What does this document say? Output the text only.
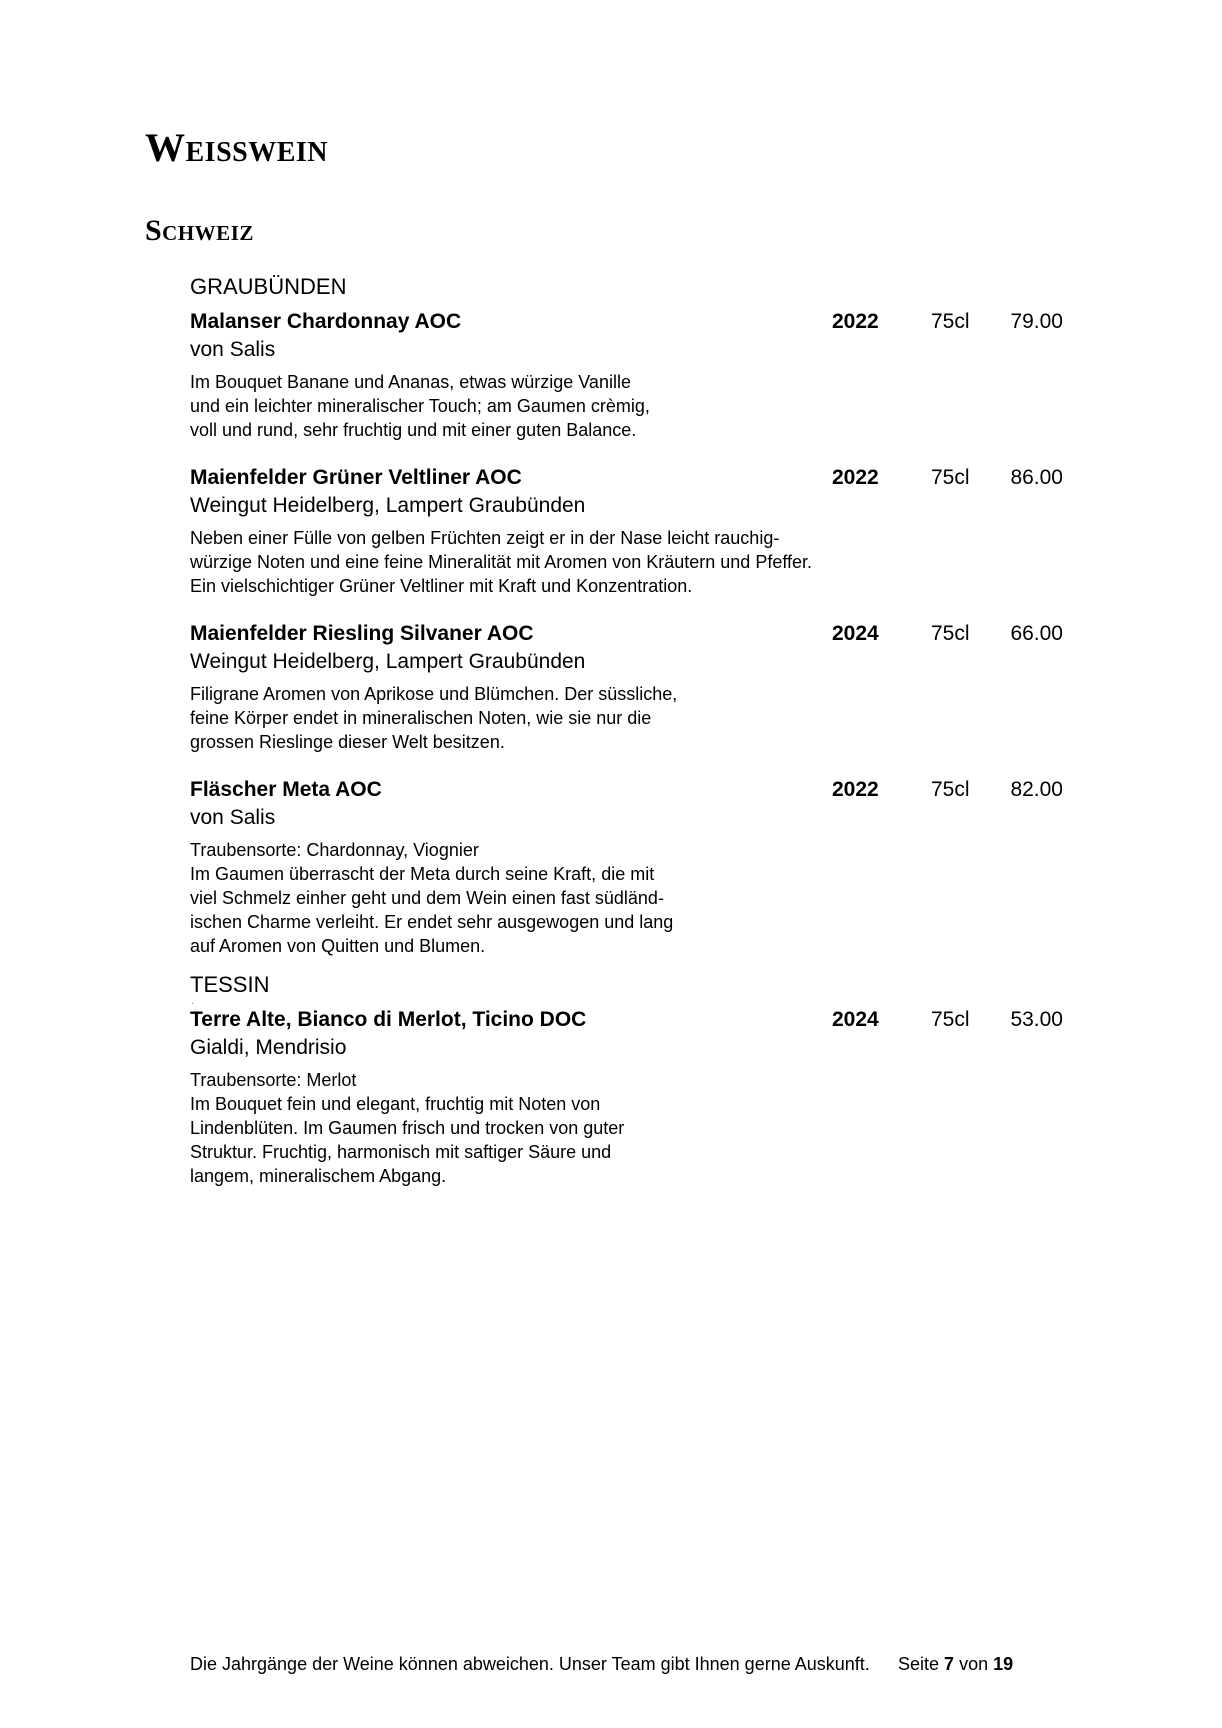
Weisswein
Schweiz
GRAUBÜNDEN
Malanser Chardonnay AOC	2022	75cl	79.00
von Salis
Im Bouquet Banane und Ananas, etwas würzige Vanille
und ein leichter mineralischer Touch; am Gaumen crèmig,
voll und rund, sehr fruchtig und mit einer guten Balance.
Maienfelder Grüner Veltliner AOC	2022	75cl	86.00
Weingut Heidelberg, Lampert Graubünden
Neben einer Fülle von gelben Früchten zeigt er in der Nase leicht rauchig-
würzige Noten und eine feine Mineralität mit Aromen von Kräutern und Pfeffer.
Ein vielschichtiger Grüner Veltliner mit Kraft und Konzentration.
Maienfelder Riesling Silvaner AOC	2024	75cl	66.00
Weingut Heidelberg, Lampert Graubünden
Filigrane Aromen von Aprikose und Blümchen. Der süssliche,
feine Körper endet in mineralischen Noten, wie sie nur die
grossen Rieslinge dieser Welt besitzen.
Fläscher Meta AOC	2022	75cl	82.00
von Salis
Traubensorte: Chardonnay, Viognier
Im Gaumen überrascht der Meta durch seine Kraft, die mit
viel Schmelz einher geht und dem Wein einen fast südländ-
ischen Charme verleiht. Er endet sehr ausgewogen und lang
auf Aromen von Quitten und Blumen.
TESSIN
.
Terre Alte, Bianco di Merlot, Ticino DOC	2024	75cl	53.00
Gialdi, Mendrisio
Traubensorte: Merlot
Im Bouquet fein und elegant, fruchtig mit Noten von
Lindenblüten. Im Gaumen frisch und trocken von guter
Struktur. Fruchtig, harmonisch mit saftiger Säure und
langem, mineralischem Abgang.
Die Jahrgänge der Weine können abweichen. Unser Team gibt Ihnen gerne Auskunft. Seite 7 von 19
